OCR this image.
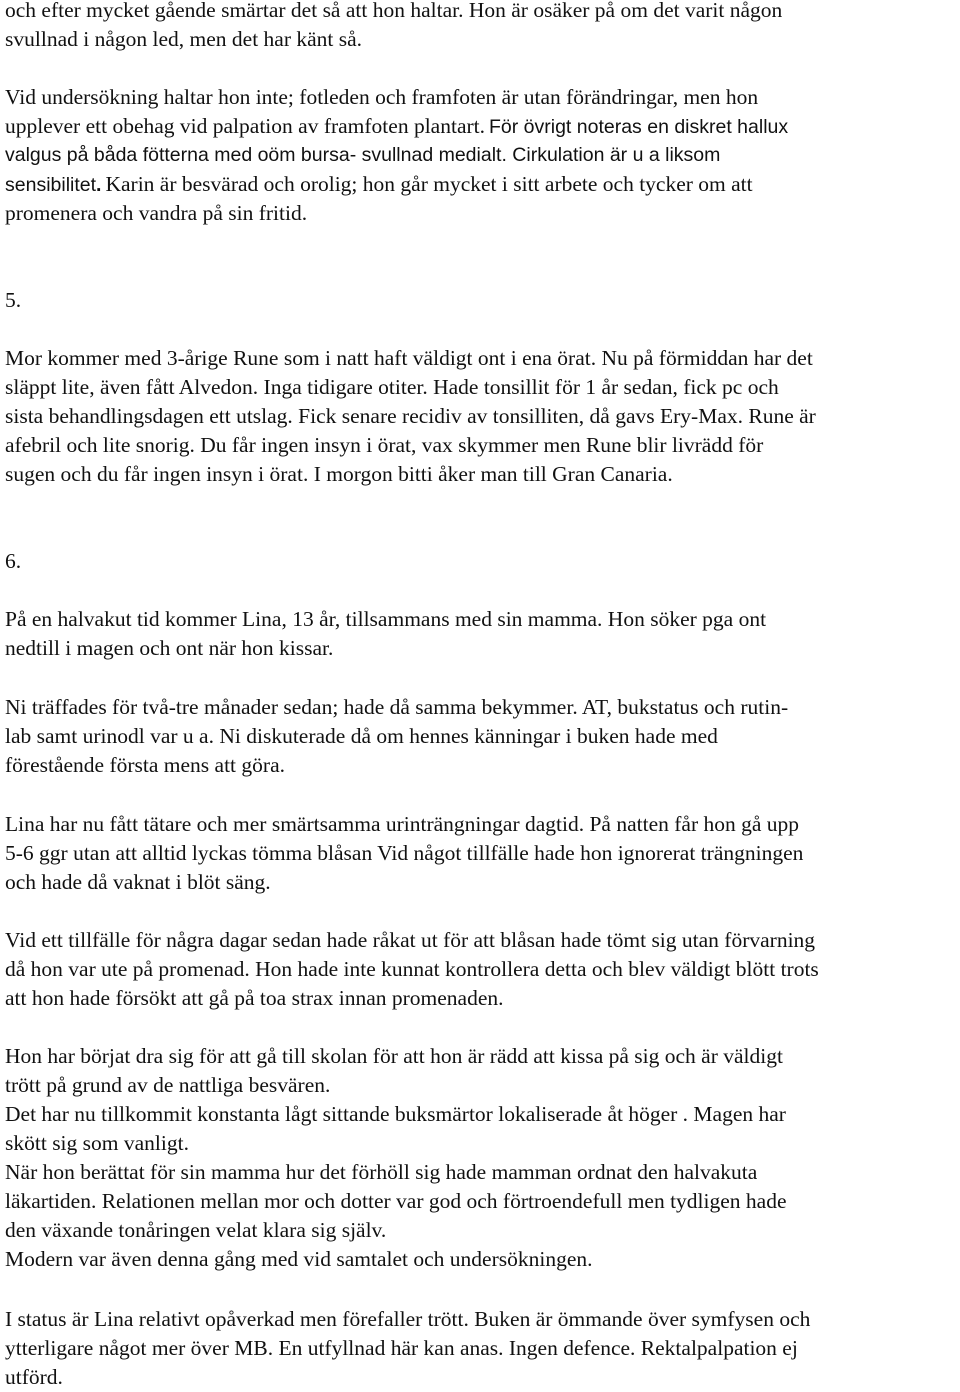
och efter mycket gående smärtar det så att hon haltar. Hon är osäker på om det varit någon
svullnad i någon led, men det har känt så.
Vid undersökning haltar hon inte; fotleden och framfoten är utan förändringar, men hon
upplever ett obehag vid palpation av framfoten plantart. För övrigt noteras en diskret hallux
valgus på båda fötterna med oöm bursa- svullnad medialt. Cirkulation är u a liksom
sensibilitet. Karin är besvärad och orolig; hon går mycket i sitt arbete och tycker om att
promenera och vandra på sin fritid.
5.
Mor kommer med 3-årige Rune som i natt haft väldigt ont i ena örat. Nu på förmiddan har det
släppt lite, även fått Alvedon. Inga tidigare otiter. Hade tonsillit för 1 år sedan, fick pc och
sista behandlingsdagen ett utslag. Fick senare recidiv av tonsilliten, då gavs Ery-Max. Rune är
afebril och lite snorig. Du får ingen insyn i örat, vax skymmer men Rune blir livrädd för
sugen och du får ingen insyn i örat. I morgon bitti åker man till Gran Canaria.
6.
På en halvakut tid kommer Lina, 13 år, tillsammans med sin mamma. Hon söker pga ont
nedtill i magen och ont när hon kissar.
Ni träffades för två-tre månader sedan; hade då samma bekymmer. AT, bukstatus och rutin-
lab samt urinodl var u a. Ni diskuterade då om hennes känningar i buken hade med
förestående första mens att göra.
Lina har nu fått tätare och mer smärtsamma urinträngningar dagtid. På natten får hon gå upp
5-6 ggr utan att alltid lyckas tömma blåsan Vid något tillfälle hade hon ignorerat trängningen
och hade då vaknat i blöt säng.
Vid ett tillfälle för några dagar sedan hade råkat ut för att blåsan hade tömt sig utan förvarning
då hon var ute på promenad. Hon hade inte kunnat kontrollera detta och blev väldigt blött trots
att hon hade försökt att gå på toa strax innan promenaden.
Hon har börjat dra sig för att gå till skolan för att hon är rädd att kissa på sig och är väldigt
trött på grund av de nattliga besvären.
Det har nu tillkommit konstanta lågt sittande buksmärtor lokaliserade åt höger . Magen har
skött sig som vanligt.
När hon berättat för sin mamma hur det förhöll sig hade mamman ordnat den halvakuta
läkartiden. Relationen mellan mor och dotter var god och förtroendefull men tydligen hade
den växande tonåringen velat klara sig själv.
Modern var även denna gång med vid samtalet och undersökningen.
I status är Lina relativt opåverkad men förefaller trött. Buken är ömmande över symfysen och
ytterligare något mer över MB. En utfyllnad här kan anas. Ingen defence. Rektalpalpation ej
utförd.
